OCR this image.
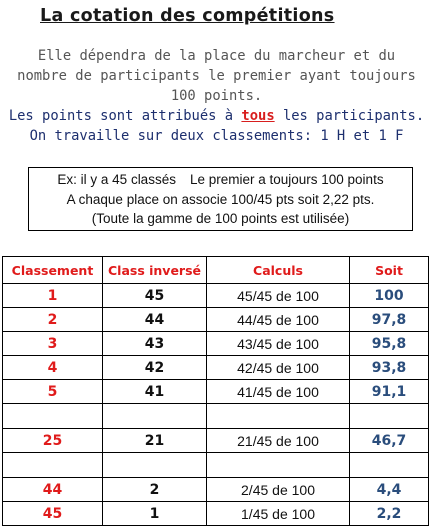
La cotation des compétitions
Elle dépendra de la place du marcheur et du
nombre de participants le premier ayant toujours
100 points.
Les points sont attribués à tous les participants.
On travaille sur deux classements: 1 H et 1 F
Ex: il y a 45 classés Le premier a toujours 100 points
A chaque place on associe 100/45 pts soit 2,22 pts.
(Toute la gamme de 100 points est utilisée)
Classement	Class inversé	Calculs	Soit
1	45	45/45 de 100	100
2	44	44/45 de 100	97,8
3	43	43/45 de 100	95,8
4	42	42/45 de 100	93,8
5	41	41/45 de 100	91,1

25	21	21/45 de 100	46,7

44	2	2/45 de 100	4,4
45	1	1/45 de 100	2,2
